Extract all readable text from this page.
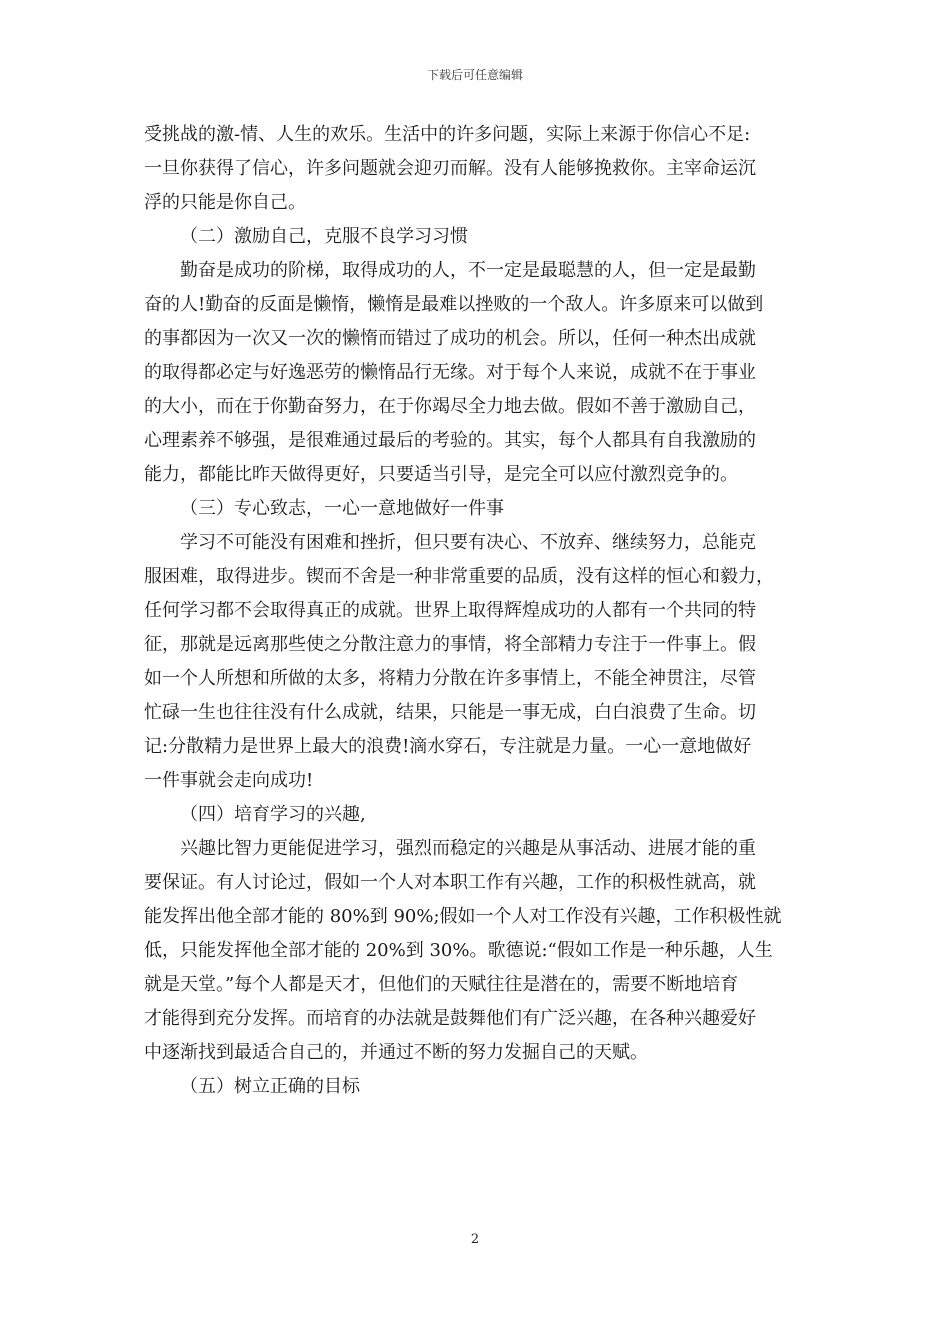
下载后可任意编辑
受挑战的激-情、人生的欢乐。生活中的许多问题，实际上来源于你信心不足:
一旦你获得了信心，许多问题就会迎刃而解。没有人能够挽救你。主宰命运沉
浮的只能是你自己。
（二）激励自己，克服不良学习习惯
勤奋是成功的阶梯，取得成功的人，不一定是最聪慧的人，但一定是最勤
奋的人!勤奋的反面是懒惰，懒惰是最难以挫败的一个敌人。许多原来可以做到
的事都因为一次又一次的懒惰而错过了成功的机会。所以，任何一种杰出成就
的取得都必定与好逸恶劳的懒惰品行无缘。对于每个人来说，成就不在于事业
的大小，而在于你勤奋努力，在于你竭尽全力地去做。假如不善于激励自己，
心理素养不够强，是很难通过最后的考验的。其实，每个人都具有自我激励的
能力，都能比昨天做得更好，只要适当引导，是完全可以应付激烈竞争的。
（三）专心致志，一心一意地做好一件事
学习不可能没有困难和挫折，但只要有决心、不放弃、继续努力，总能克
服困难，取得进步。锲而不舍是一种非常重要的品质，没有这样的恒心和毅力，
任何学习都不会取得真正的成就。世界上取得辉煌成功的人都有一个共同的特
征，那就是远离那些使之分散注意力的事情，将全部精力专注于一件事上。假
如一个人所想和所做的太多，将精力分散在许多事情上，不能全神贯注，尽管
忙碌一生也往往没有什么成就，结果，只能是一事无成，白白浪费了生命。切
记:分散精力是世界上最大的浪费!滴水穿石，专注就是力量。一心一意地做好
一件事就会走向成功!
（四）培育学习的兴趣,
兴趣比智力更能促进学习，强烈而稳定的兴趣是从事活动、进展才能的重
要保证。有人讨论过，假如一个人对本职工作有兴趣，工作的积极性就高，就
能发挥出他全部才能的 80%到 90%;假如一个人对工作没有兴趣，工作积极性就
低，只能发挥他全部才能的 20%到 30%。歌德说:“假如工作是一种乐趣，人生
就是天堂。”每个人都是天才，但他们的天赋往往是潜在的，需要不断地培育
才能得到充分发挥。而培育的办法就是鼓舞他们有广泛兴趣，在各种兴趣爱好
中逐渐找到最适合自己的，并通过不断的努力发掘自己的天赋。
（五）树立正确的目标
2
